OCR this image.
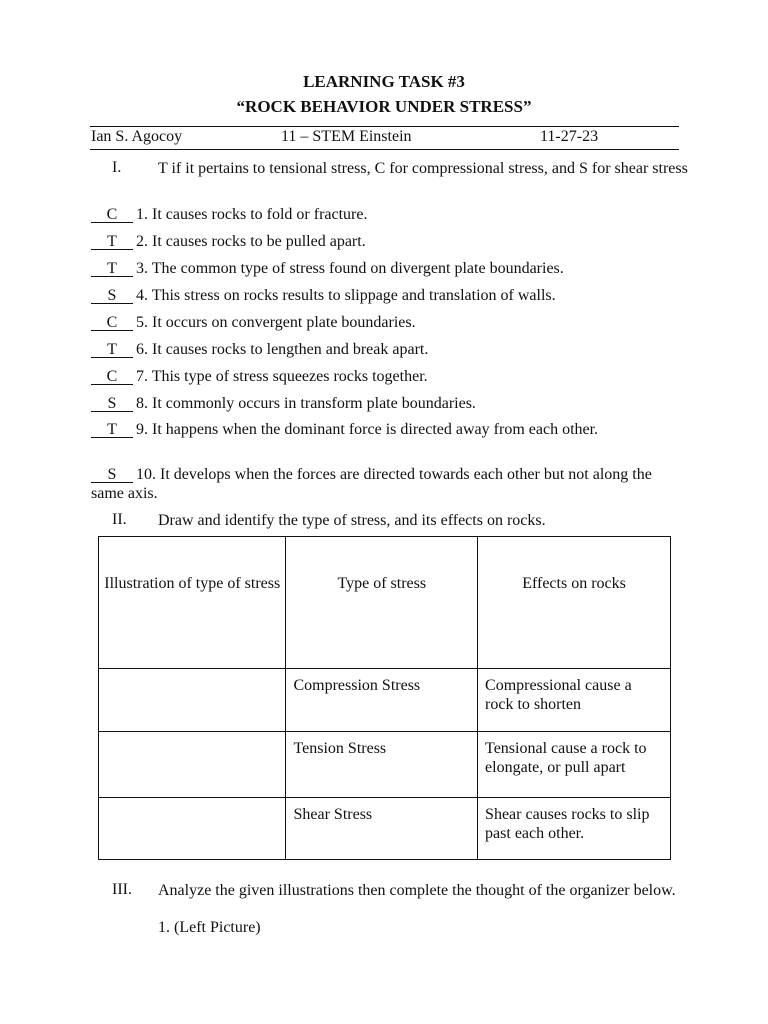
LEARNING TASK #3
“ROCK BEHAVIOR UNDER STRESS”
Ian S. Agocoy	11 – STEM Einstein	11-27-23
I. T if it pertains to tensional stress, C for compressional stress, and S for shear stress
C 1. It causes rocks to fold or fracture.
T 2. It causes rocks to be pulled apart.
T 3. The common type of stress found on divergent plate boundaries.
S 4. This stress on rocks results to slippage and translation of walls.
C 5. It occurs on convergent plate boundaries.
T 6. It causes rocks to lengthen and break apart.
C 7. This type of stress squeezes rocks together.
S 8. It commonly occurs in transform plate boundaries.
T 9. It happens when the dominant force is directed away from each other.
S 10. It develops when the forces are directed towards each other but not along the same axis.
II. Draw and identify the type of stress, and its effects on rocks.
Illustration of type of stress	Type of stress	Effects on rocks
	Compression Stress	Compressional cause a rock to shorten
	Tension Stress	Tensional cause a rock to elongate, or pull apart
	Shear Stress	Shear causes rocks to slip past each other.
III. Analyze the given illustrations then complete the thought of the organizer below.
1. (Left Picture)
